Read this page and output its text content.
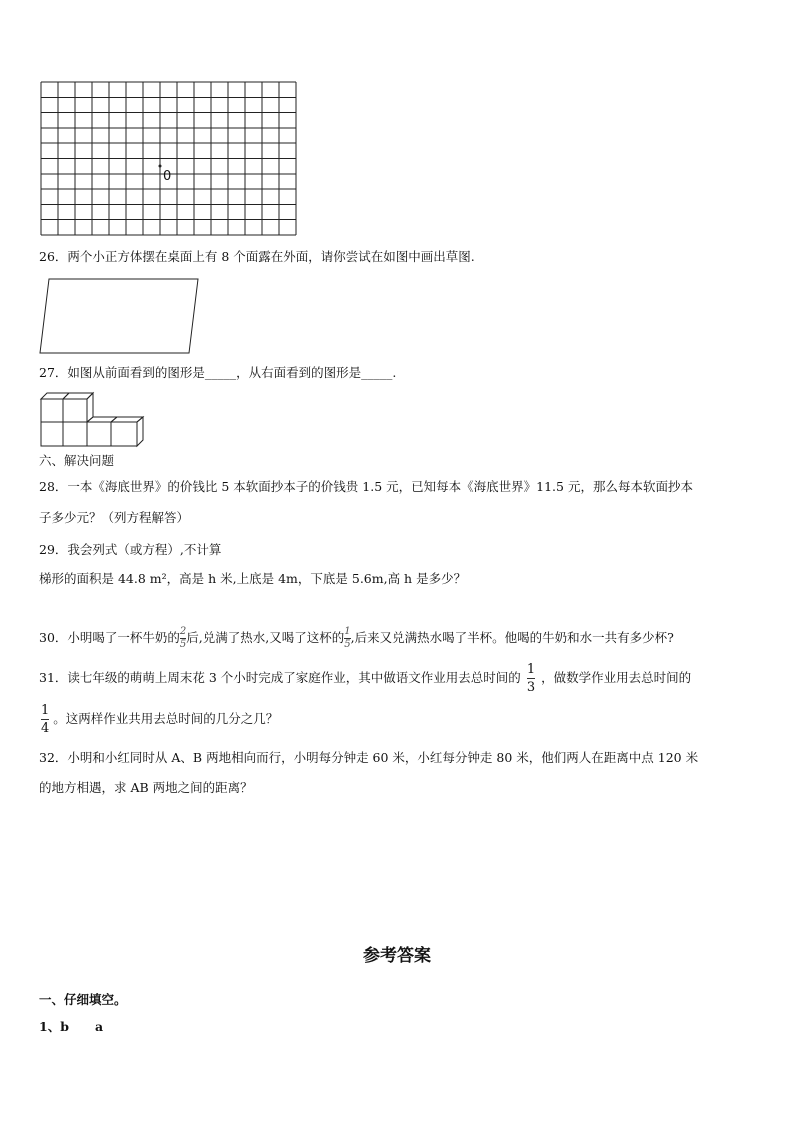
0
26．两个小正方体摆在桌面上有 8 个面露在外面，请你尝试在如图中画出草图.
27．如图从前面看到的图形是_____，从右面看到的图形是_____.
六、解决问题
28．一本《海底世界》的价钱比 5 本软面抄本子的价钱贵 1.5 元，已知每本《海底世界》11.5 元，那么每本软面抄本
子多少元？（列方程解答）
29．我会列式（或方程）,不计算
梯形的面积是 44.8 m²，高是 h 米,上底是 4m，下底是 5.6m,高 h 是多少？
30．小明喝了一杯牛奶的 $\frac{2}{5}$ 后,兑满了热水,又喝了这杯的 $\frac{1}{5}$ ,后来又兑满热水喝了半杯。他喝的牛奶和水一共有多少杯?
31．读七年级的萌萌上周末花 3 个小时完成了家庭作业，其中做语文作业用去总时间的 $\frac{1}{3}$ ，做数学作业用去总时间的
$\frac{1}{4}$ 。这两样作业共用去总时间的几分之几？
32．小明和小红同时从 A、B 两地相向而行，小明每分钟走 60 米，小红每分钟走 80 米，他们两人在距离中点 120 米
的地方相遇，求 AB 两地之间的距离？
参考答案
一、仔细填空。
1、b a
